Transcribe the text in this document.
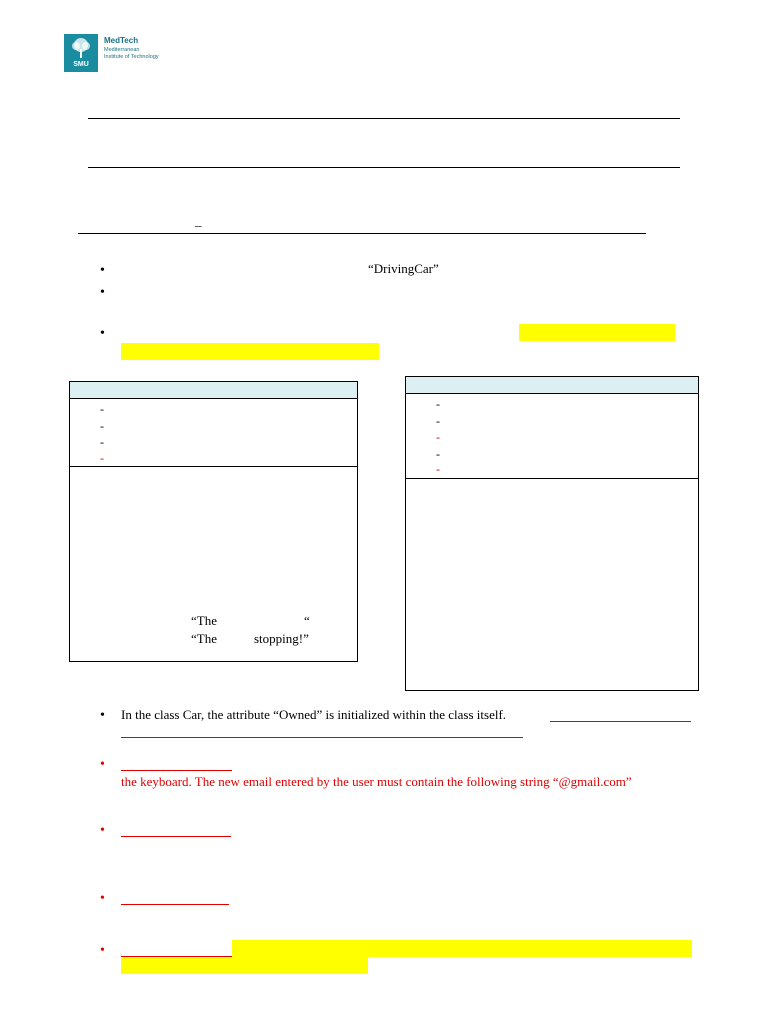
SMU
MedTech
Mediterranean
Institute of Technology
_
•	“DrivingCar”
•
•
-
-
-
-
“The	“
“The	stopping!”
-
-
-
-
-
• In the class Car, the attribute “Owned” is initialized within the class itself.
•
the keyboard. The new email entered by the user must contain the following string “@gmail.com”
•
•
•
